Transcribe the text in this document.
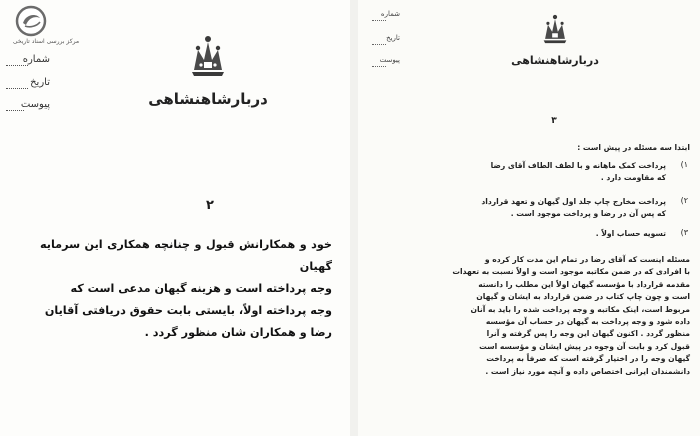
مرکز بررسی اسناد تاریخی
شماره
تاریخ
پیوست	دربارشاهنشاهی
۲
خود و همکارانش قبول و چنانچه همکاری این سرمایه گهیان
وجه پرداخته است و هزینه گیهان مدعی است که
وجه پرداخته اولاً، بایستی بابت حقوق دریافتی آقایان
رضا و همکاران شان منظور گردد .
شماره
تاریخ
پیوست	دربارشاهنشاهی
۳
ابتدا سه مسئله در پیش است :
پرداخت کمک ماهانه و با لطف الطاف آقای رضا
که مقاومت دارد .
۱)
پرداخت مخارج چاپ جلد اول گیهان و تعهد قرارداد
که پس آن در رضا و پرداخت موجود است .
۲)
تسویه حساب اولاً .	۳)
مسئله اینست که آقای رضا در تمام این مدت کار کرده و
با افرادی که در ضمن مکاتبه موجود است و اولاً نسبت به تعهدات
مقدمه قرارداد با مؤسسه گیهان اولاً این مطلب را دانسته
است و چون چاپ کتاب در ضمن قرارداد به ایشان و گیهان
مربوط است، اینک مکاتبه و وجه پرداخت شده را باید به آنان
داده شود و وجه پرداخت به گیهان در حساب آن مؤسسه
منظور گردد . اکنون گیهان این وجه را پس گرفته و آنرا
قبول کرد و بابت آن وجوه در پیش ایشان و مؤسسه است
گیهان وجه را در اختیار گرفته است که صرفاً به پرداخت
دانشمندان ایرانی اختصاص داده و آنچه مورد نیاز است .
